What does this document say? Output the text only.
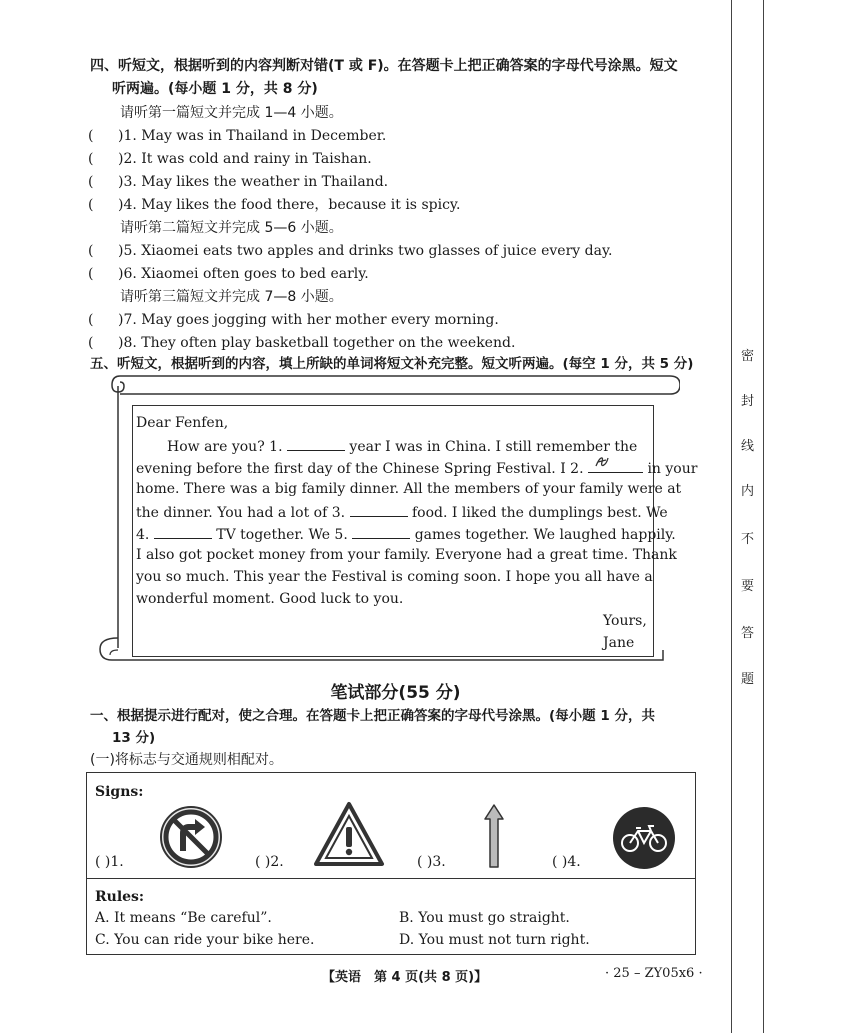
四、听短文，根据听到的内容判断对错(T 或 F)。在答题卡上把正确答案的字母代号涂黑。短文
听两遍。(每小题 1 分，共 8 分)
请听第一篇短文并完成 1—4 小题。
( )1. May was in Thailand in December.
( )2. It was cold and rainy in Taishan.
( )3. May likes the weather in Thailand.
( )4. May likes the food there，because it is spicy.
请听第二篇短文并完成 5—6 小题。
( )5. Xiaomei eats two apples and drinks two glasses of juice every day.
( )6. Xiaomei often goes to bed early.
请听第三篇短文并完成 7—8 小题。
( )7. May goes jogging with her mother every morning.
( )8. They often play basketball together on the weekend.
五、听短文，根据听到的内容，填上所缺的单词将短文补充完整。短文听两遍。(每空 1 分，共 5 分)
Dear Fenfen,
How are you? 1.	year I was in China. I still remember the
evening before the first day of the Chinese Spring Festival. I 2.	in your
home. There was a big family dinner. All the members of your family were at
the dinner. You had a lot of 3.	food. I liked the dumplings best. We
4.	TV together. We 5.	games together. We laughed happily.
I also got pocket money from your family. Everyone had a great time. Thank
you so much. This year the Festival is coming soon. I hope you all have a
wonderful moment. Good luck to you.
Yours,
Jane
笔试部分(55 分)
一、根据提示进行配对，使之合理。在答题卡上把正确答案的字母代号涂黑。(每小题 1 分，共
13 分)
(一)将标志与交通规则相配对。
Signs:
( )1.	( )2.	( )3.	( )4.
Rules:
A. It means “Be careful”.	B. You must go straight.
C. You can ride your bike here.	D. You must not turn right.
【英语　第 4 页(共 8 页)】	· 25 – ZY05x6 ·
密
封
线
内
不
要
答
题
